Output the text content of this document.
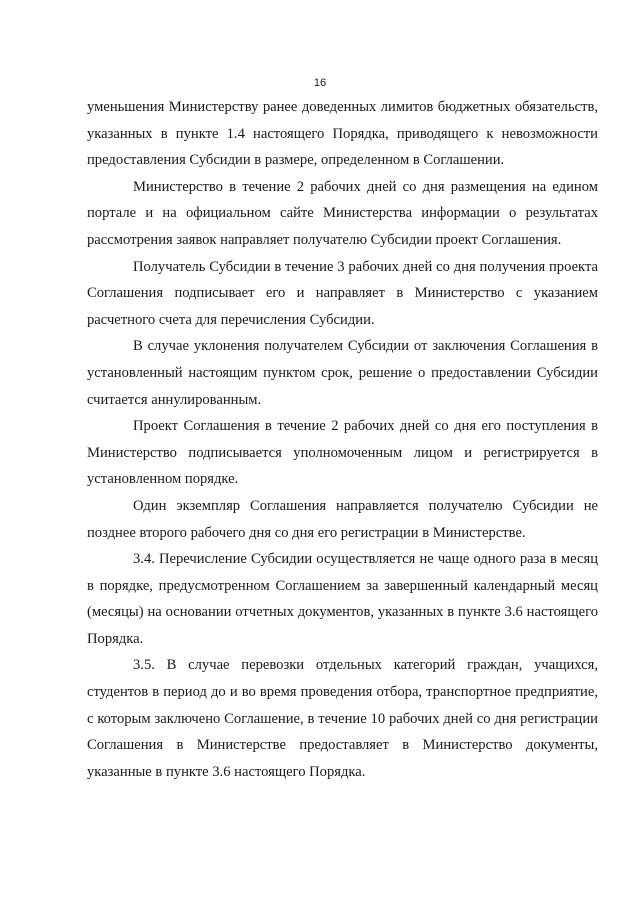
16

уменьшения Министерству ранее доведенных лимитов бюджетных обязательств, указанных в пункте 1.4 настоящего Порядка, приводящего к невозможности предоставления Субсидии в размере, определенном в Соглашении.

Министерство в течение 2 рабочих дней со дня размещения на едином портале и на официальном сайте Министерства информации о результатах рассмотрения заявок направляет получателю Субсидии проект Соглашения.

Получатель Субсидии в течение 3 рабочих дней со дня получения проекта Соглашения подписывает его и направляет в Министерство с указанием расчетного счета для перечисления Субсидии.

В случае уклонения получателем Субсидии от заключения Соглашения в установленный настоящим пунктом срок, решение о предоставлении Субсидии считается аннулированным.

Проект Соглашения в течение 2 рабочих дней со дня его поступления в Министерство подписывается уполномоченным лицом и регистрируется в установленном порядке.

Один экземпляр Соглашения направляется получателю Субсидии не позднее второго рабочего дня со дня его регистрации в Министерстве.

3.4. Перечисление Субсидии осуществляется не чаще одного раза в месяц в порядке, предусмотренном Соглашением за завершенный календарный месяц (месяцы) на основании отчетных документов, указанных в пункте 3.6 настоящего Порядка.

3.5. В случае перевозки отдельных категорий граждан, учащихся, студентов в период до и во время проведения отбора, транспортное предприятие, с которым заключено Соглашение, в течение 10 рабочих дней со дня регистрации Соглашения в Министерстве предоставляет в Министерство документы, указанные в пункте 3.6 настоящего Порядка.
